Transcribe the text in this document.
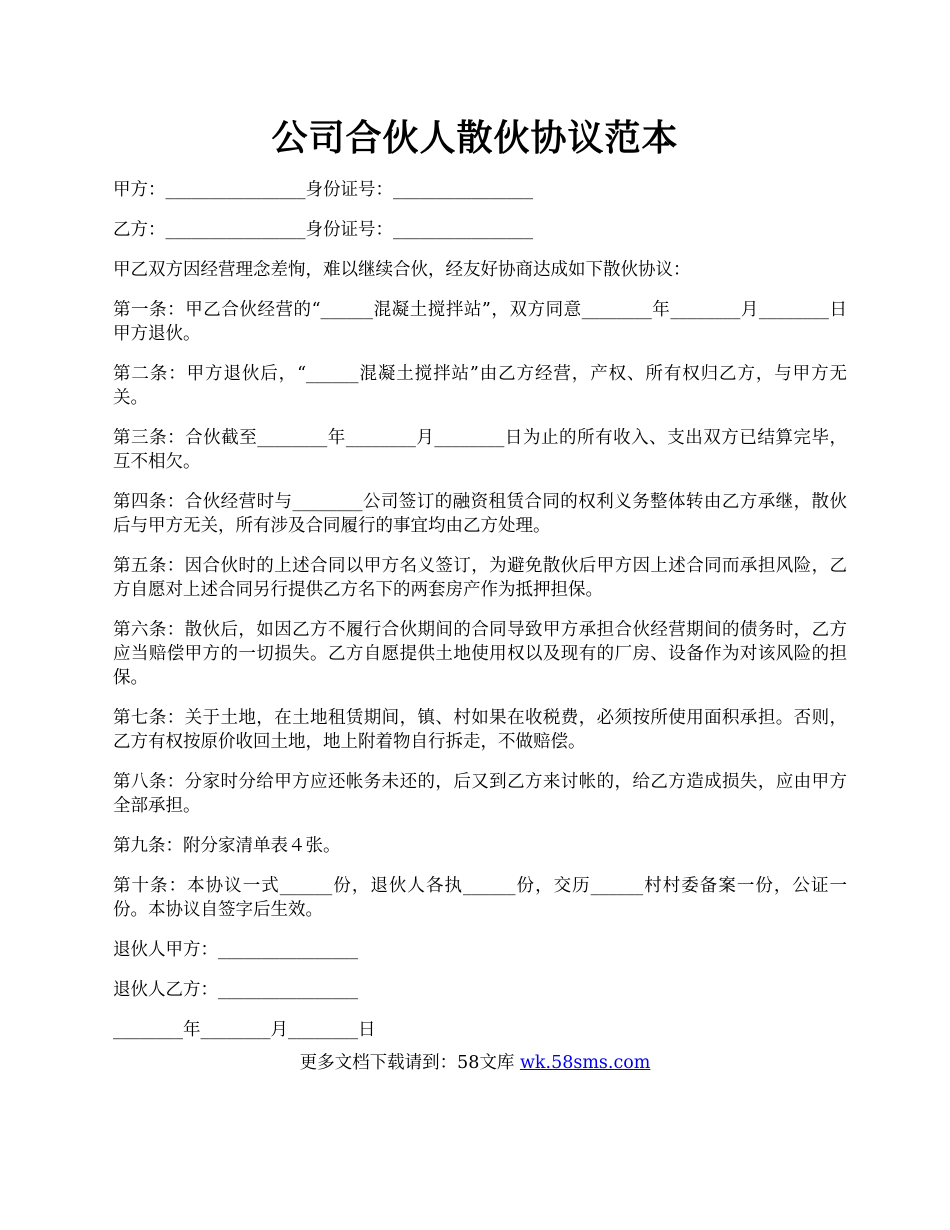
公司合伙人散伙协议范本

甲方：________________身份证号：________________

乙方：________________身份证号：________________

甲乙双方因经营理念差恂，难以继续合伙，经友好协商达成如下散伙协议：

第一条：甲乙合伙经营的“______混凝土搅拌站”，双方同意________年________月________日甲方退伙。

第二条：甲方退伙后，“______混凝土搅拌站”由乙方经营，产权、所有权归乙方，与甲方无关。

第三条：合伙截至________年________月________日为止的所有收入、支出双方已结算完毕，互不相欠。

第四条：合伙经营时与________公司签订的融资租赁合同的权利义务整体转由乙方承继，散伙后与甲方无关，所有涉及合同履行的事宜均由乙方处理。

第五条：因合伙时的上述合同以甲方名义签订，为避免散伙后甲方因上述合同而承担风险，乙方自愿对上述合同另行提供乙方名下的两套房产作为抵押担保。

第六条：散伙后，如因乙方不履行合伙期间的合同导致甲方承担合伙经营期间的债务时，乙方应当赔偿甲方的一切损失。乙方自愿提供土地使用权以及现有的厂房、设备作为对该风险的担保。

第七条：关于土地，在土地租赁期间，镇、村如果在收税费，必须按所使用面积承担。否则，乙方有权按原价收回土地，地上附着物自行拆走，不做赔偿。

第八条：分家时分给甲方应还帐务未还的，后又到乙方来讨帐的，给乙方造成损失，应由甲方全部承担。

第九条：附分家清单表４张。

第十条：本协议一式______份，退伙人各执______份，交历______村村委备案一份，公证一份。本协议自签字后生效。

退伙人甲方：________________

退伙人乙方：________________

________年________月________日

更多文档下载请到：58文库 wk.58sms.com
